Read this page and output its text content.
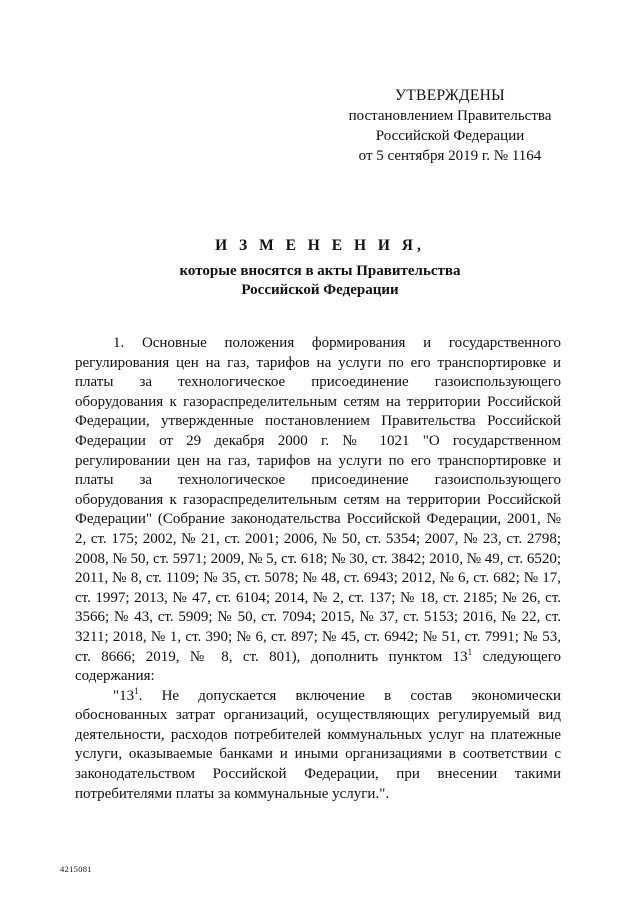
УТВЕРЖДЕНЫ
постановлением Правительства
Российской Федерации
от 5 сентября 2019 г. № 1164
И З М Е Н Е Н И Я,
которые вносятся в акты Правительства
Российской Федерации

1. Основные положения формирования и государственного регулирования цен на газ, тарифов на услуги по его транспортировке и платы за технологическое присоединение газоиспользующего оборудования к газораспределительным сетям на территории Российской Федерации, утвержденные постановлением Правительства Российской Федерации от 29 декабря 2000 г. № 1021 "О государственном регулировании цен на газ, тарифов на услуги по его транспортировке и платы за технологическое присоединение газоиспользующего оборудования к газораспределительным сетям на территории Российской Федерации" (Собрание законодательства Российской Федерации, 2001, № 2, ст. 175; 2002, № 21, ст. 2001; 2006, № 50, ст. 5354; 2007, № 23, ст. 2798; 2008, № 50, ст. 5971; 2009, № 5, ст. 618; № 30, ст. 3842; 2010, № 49, ст. 6520; 2011, № 8, ст. 1109; № 35, ст. 5078; № 48, ст. 6943; 2012, № 6, ст. 682; № 17, ст. 1997; 2013, № 47, ст. 6104; 2014, № 2, ст. 137; № 18, ст. 2185; № 26, ст. 3566; № 43, ст. 5909; № 50, ст. 7094; 2015, № 37, ст. 5153; 2016, № 22, ст. 3211; 2018, № 1, ст. 390; № 6, ст. 897; № 45, ст. 6942; № 51, ст. 7991; № 53, ст. 8666; 2019, № 8, ст. 801), дополнить пунктом $13^1$ следующего содержания:

"$13^1$. Не допускается включение в состав экономически обоснованных затрат организаций, осуществляющих регулируемый вид деятельности, расходов потребителей коммунальных услуг на платежные услуги, оказываемые банками и иными организациями в соответствии с законодательством Российской Федерации, при внесении такими потребителями платы за коммунальные услуги.".

4215081
